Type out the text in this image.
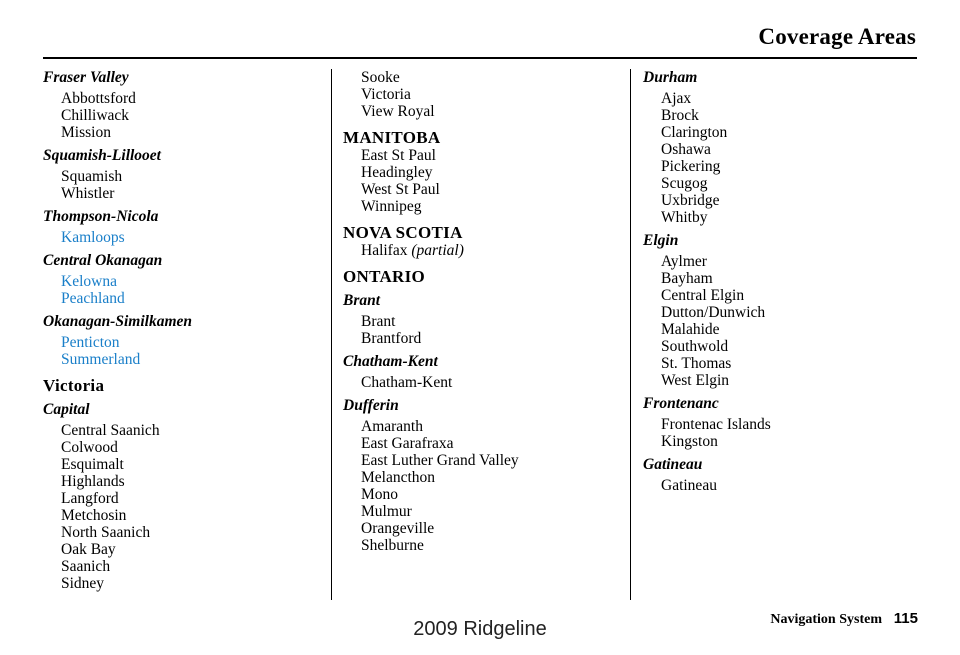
Coverage Areas
Fraser Valley
Abbottsford
Chilliwack
Mission
Squamish-Lillooet
Squamish
Whistler
Thompson-Nicola
Kamloops
Central Okanagan
Kelowna
Peachland
Okanagan-Similkamen
Penticton
Summerland
Victoria
Capital
Central Saanich
Colwood
Esquimalt
Highlands
Langford
Metchosin
North Saanich
Oak Bay
Saanich
Sidney
Sooke
Victoria
View Royal
MANITOBA
East St Paul
Headingley
West St Paul
Winnipeg
NOVA SCOTIA
Halifax (partial)
ONTARIO
Brant
Brant
Brantford
Chatham-Kent
Chatham-Kent
Dufferin
Amaranth
East Garafraxa
East Luther Grand Valley
Melancthon
Mono
Mulmur
Orangeville
Shelburne
Durham
Ajax
Brock
Clarington
Oshawa
Pickering
Scugog
Uxbridge
Whitby
Elgin
Aylmer
Bayham
Central Elgin
Dutton/Dunwich
Malahide
Southwold
St. Thomas
West Elgin
Frontenanc
Frontenac Islands
Kingston
Gatineau
Gatineau
Navigation System 115
2009 Ridgeline
